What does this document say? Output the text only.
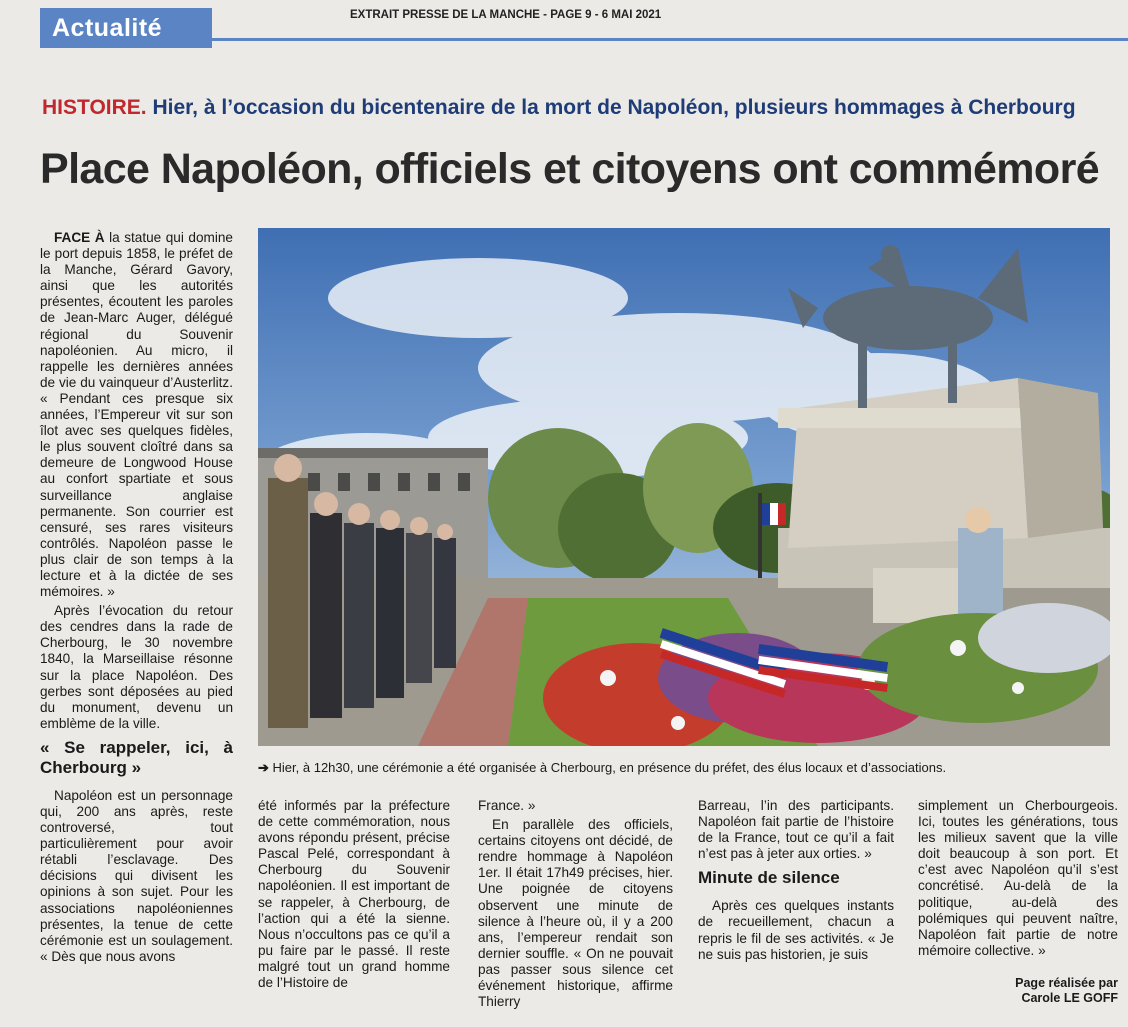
Actualité	EXTRAIT PRESSE DE LA MANCHE - PAGE 9 - 6 MAI 2021
HISTOIRE. Hier, à l’occasion du bicentenaire de la mort de Napoléon, plusieurs hommages à Cherbourg
Place Napoléon, officiels et citoyens ont commémoré

FACE À la statue qui domine le port depuis 1858, le préfet de la Manche, Gérard Gavory, ainsi que les autorités présentes, écoutent les paroles de Jean-Marc Auger, délégué régional du Souvenir napoléonien. Au micro, il rappelle les dernières années de vie du vainqueur d’Austerlitz. « Pendant ces presque six années, l’Empereur vit sur son îlot avec ses quelques fidèles, le plus souvent cloîtré dans sa demeure de Longwood House au confort spartiate et sous surveillance anglaise permanente. Son courrier est censuré, ses rares visiteurs contrôlés. Napoléon passe le plus clair de son temps à la lecture et à la dictée de ses mémoires. »

Après l’évocation du retour des cendres dans la rade de Cherbourg, le 30 novembre 1840, la Marseillaise résonne sur la place Napoléon. Des gerbes sont déposées au pied du monument, devenu un emblème de la ville.

« Se rappeler, ici, à Cherbourg »

Napoléon est un personnage qui, 200 ans après, reste controversé, tout particulièrement pour avoir rétabli l’esclavage. Des décisions qui divisent les opinions à son sujet. Pour les associations napoléoniennes présentes, la tenue de cette cérémonie est un soulagement. « Dès que nous avons

➔ Hier, à 12h30, une cérémonie a été organisée à Cherbourg, en présence du préfet, des élus locaux et d’associations.

été informés par la préfecture de cette commémoration, nous avons répondu présent, précise Pascal Pelé, correspondant à Cherbourg du Souvenir napoléonien. Il est important de se rappeler, à Cherbourg, de l’action qui a été la sienne. Nous n’occultons pas ce qu’il a pu faire par le passé. Il reste malgré tout un grand homme de l’Histoire de

France. »

En parallèle des officiels, certains citoyens ont décidé, de rendre hommage à Napoléon 1er. Il était 17h49 précises, hier. Une poignée de citoyens observent une minute de silence à l’heure où, il y a 200 ans, l’empereur rendait son dernier souffle. « On ne pouvait pas passer sous silence cet événement historique, affirme Thierry

Barreau, l’in des participants. Napoléon fait partie de l’histoire de la France, tout ce qu’il a fait n’est pas à jeter aux orties. »

Minute de silence

Après ces quelques instants de recueillement, chacun a repris le fil de ses activités. « Je ne suis pas historien, je suis

simplement un Cherbourgeois. Ici, toutes les générations, tous les milieux savent que la ville doit beaucoup à son port. Et c’est avec Napoléon qu’il s’est concrétisé. Au-delà de la politique, au-delà des polémiques qui peuvent naître, Napoléon fait partie de notre mémoire collective. »

Page réalisée par
Carole LE GOFF
